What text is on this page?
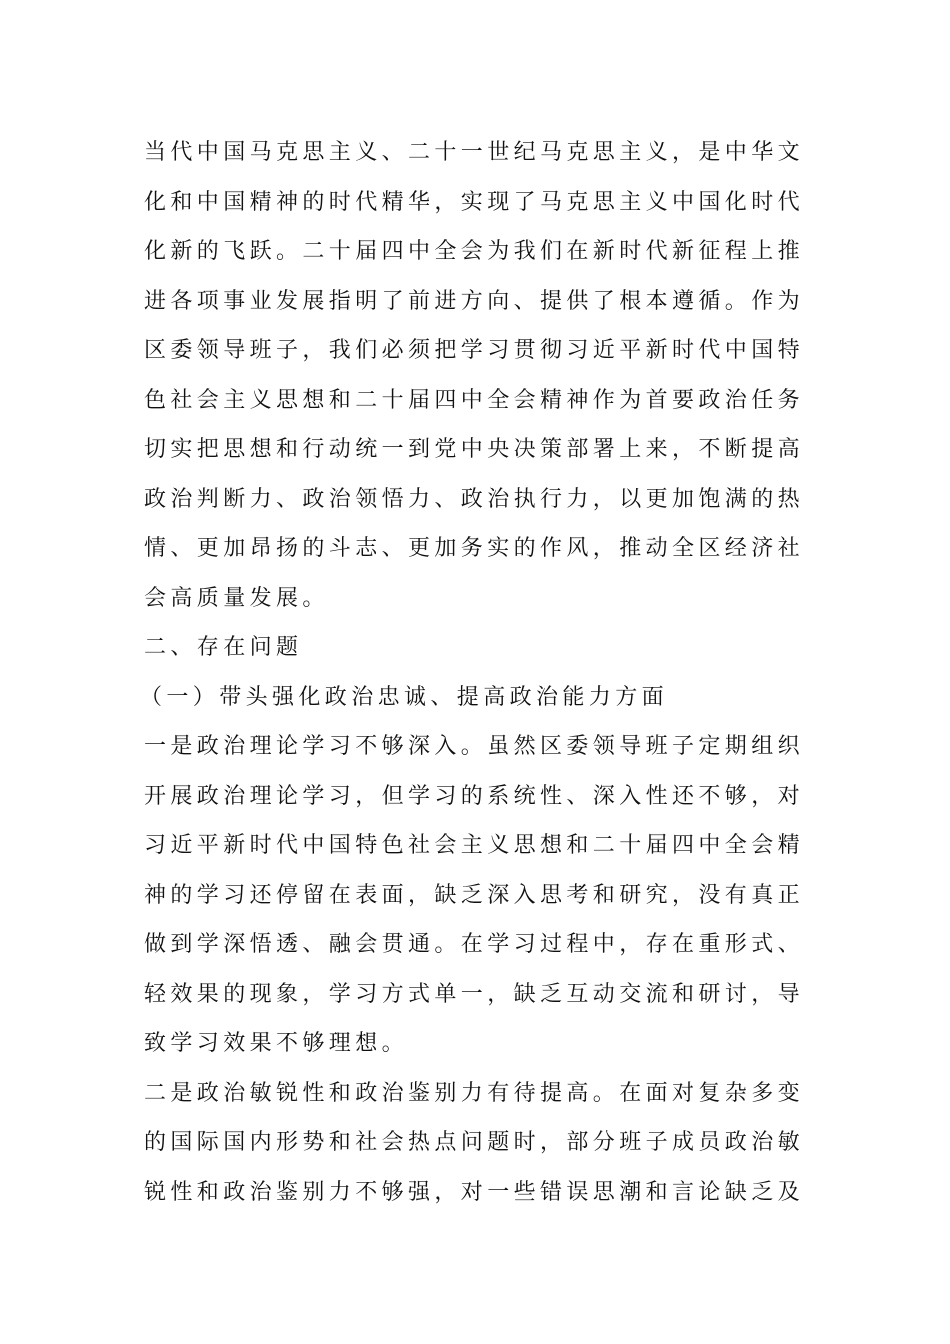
当代中国马克思主义、二十一世纪马克思主义，是中华文
化和中国精神的时代精华，实现了马克思主义中国化时代
化新的飞跃。二十届四中全会为我们在新时代新征程上推
进各项事业发展指明了前进方向、提供了根本遵循。作为
区委领导班子，我们必须把学习贯彻习近平新时代中国特
色社会主义思想和二十届四中全会精神作为首要政治任务
切实把思想和行动统一到党中央决策部署上来，不断提高
政治判断力、政治领悟力、政治执行力，以更加饱满的热
情、更加昂扬的斗志、更加务实的作风，推动全区经济社
会高质量发展。
二、存在问题
（一）带头强化政治忠诚、提高政治能力方面
一是政治理论学习不够深入。虽然区委领导班子定期组织
开展政治理论学习，但学习的系统性、深入性还不够，对
习近平新时代中国特色社会主义思想和二十届四中全会精
神的学习还停留在表面，缺乏深入思考和研究，没有真正
做到学深悟透、融会贯通。在学习过程中，存在重形式、
轻效果的现象，学习方式单一，缺乏互动交流和研讨，导
致学习效果不够理想。
二是政治敏锐性和政治鉴别力有待提高。在面对复杂多变
的国际国内形势和社会热点问题时，部分班子成员政治敏
锐性和政治鉴别力不够强，对一些错误思潮和言论缺乏及
